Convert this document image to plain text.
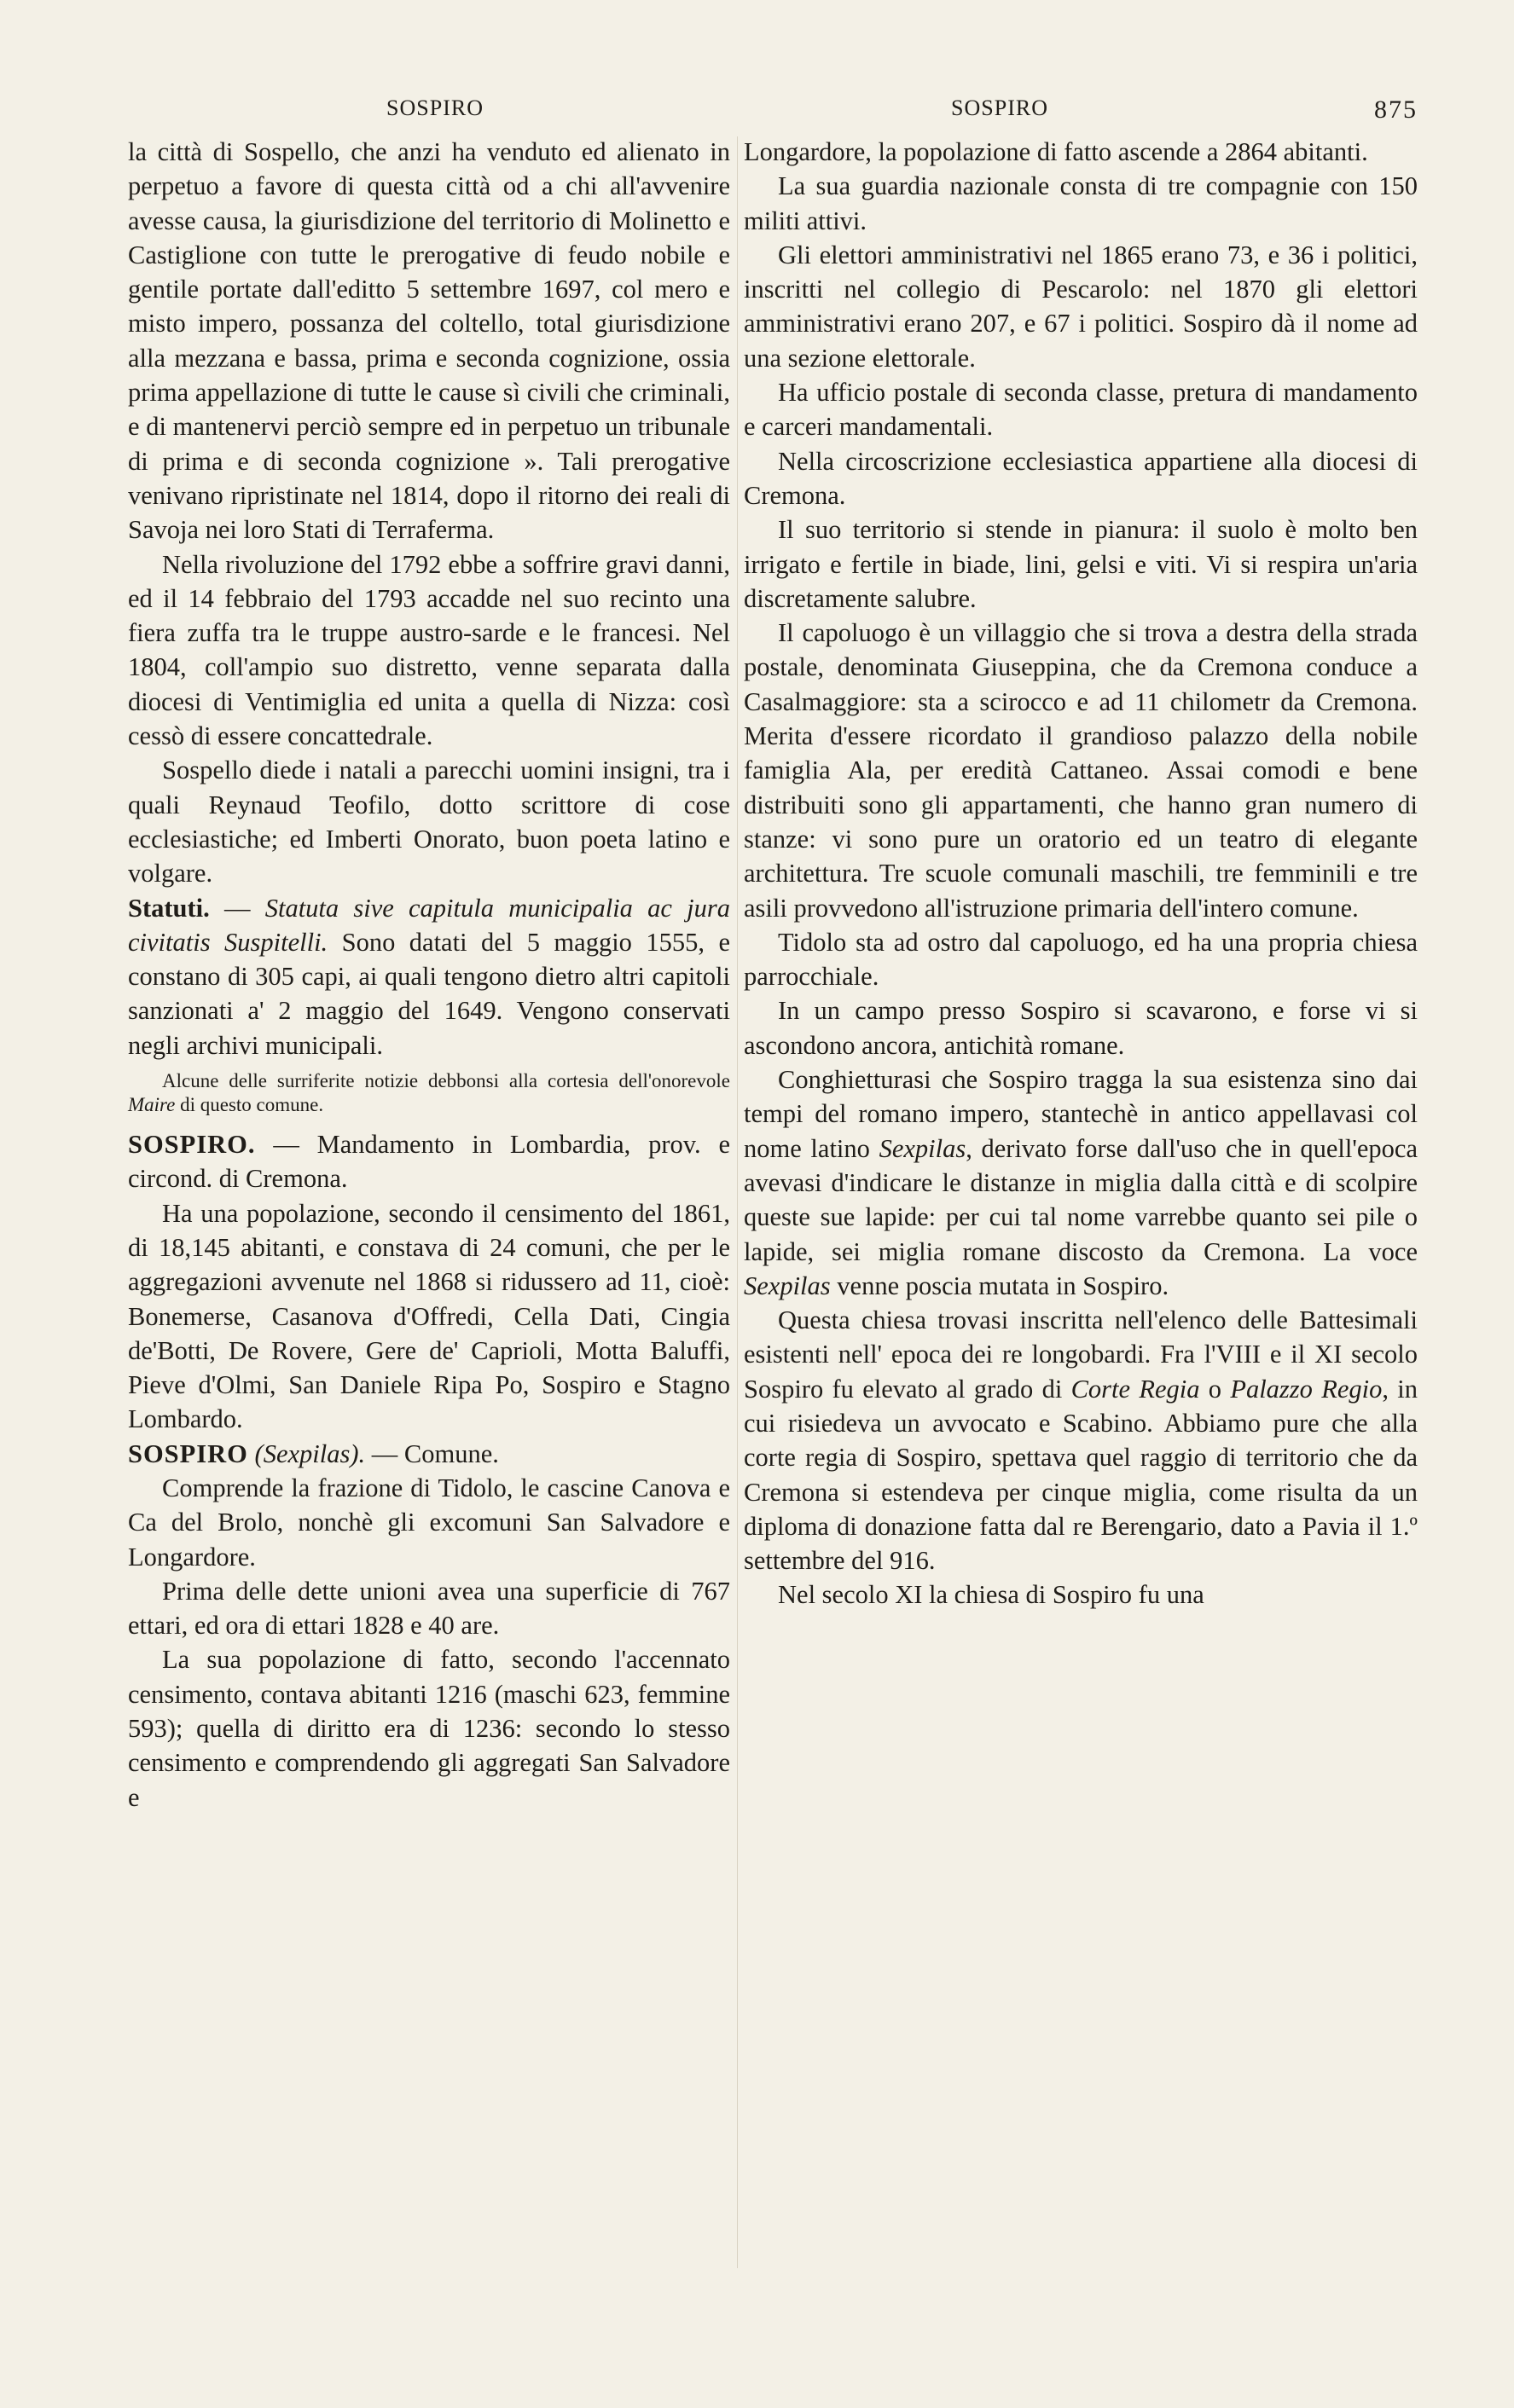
SOSPIRO	SOSPIRO	875

la città di Sospello, che anzi ha venduto ed alienato in perpetuo a favore di questa città od a chi all'avvenire avesse causa, la giurisdizione del territorio di Molinetto e Castiglione con tutte le prerogative di feudo nobile e gentile portate dall'editto 5 settembre 1697, col mero e misto impero, possanza del coltello, total giurisdizione alla mezzana e bassa, prima e seconda cognizione, ossia prima appellazione di tutte le cause sì civili che criminali, e di mantenervi perciò sempre ed in perpetuo un tribunale di prima e di seconda cognizione ». Tali prerogative venivano ripristinate nel 1814, dopo il ritorno dei reali di Savoja nei loro Stati di Terraferma.

Nella rivoluzione del 1792 ebbe a soffrire gravi danni, ed il 14 febbraio del 1793 accadde nel suo recinto una fiera zuffa tra le truppe austro-sarde e le francesi. Nel 1804, coll'ampio suo distretto, venne separata dalla diocesi di Ventimiglia ed unita a quella di Nizza: così cessò di essere concattedrale.

Sospello diede i natali a parecchi uomini insigni, tra i quali Reynaud Teofilo, dotto scrittore di cose ecclesiastiche; ed Imberti Onorato, buon poeta latino e volgare.

Statuti. — Statuta sive capitula municipalia ac jura civitatis Suspitelli. Sono datati del 5 maggio 1555, e constano di 305 capi, ai quali tengono dietro altri capitoli sanzionati a' 2 maggio del 1649. Vengono conservati negli archivi municipali.

Alcune delle surriferite notizie debbonsi alla cortesia dell'onorevole Maire di questo comune.

SOSPIRO. — Mandamento in Lombardia, prov. e circond. di Cremona.

Ha una popolazione, secondo il censimento del 1861, di 18,145 abitanti, e constava di 24 comuni, che per le aggregazioni avvenute nel 1868 si ridussero ad 11, cioè: Bonemerse, Casanova d'Offredi, Cella Dati, Cingia de'Botti, De Rovere, Gere de' Caprioli, Motta Baluffi, Pieve d'Olmi, San Daniele Ripa Po, Sospiro e Stagno Lombardo.

SOSPIRO (Sexpilas). — Comune.

Comprende la frazione di Tidolo, le cascine Canova e Ca del Brolo, nonchè gli excomuni San Salvadore e Longardore.

Prima delle dette unioni avea una superficie di 767 ettari, ed ora di ettari 1828 e 40 are.

La sua popolazione di fatto, secondo l'accennato censimento, contava abitanti 1216 (maschi 623, femmine 593); quella di diritto era di 1236: secondo lo stesso censimento e comprendendo gli aggregati San Salvadore e

Longardore, la popolazione di fatto ascende a 2864 abitanti.

La sua guardia nazionale consta di tre compagnie con 150 militi attivi.

Gli elettori amministrativi nel 1865 erano 73, e 36 i politici, inscritti nel collegio di Pescarolo: nel 1870 gli elettori amministrativi erano 207, e 67 i politici. Sospiro dà il nome ad una sezione elettorale.

Ha ufficio postale di seconda classe, pretura di mandamento e carceri mandamentali.

Nella circoscrizione ecclesiastica appartiene alla diocesi di Cremona.

Il suo territorio si stende in pianura: il suolo è molto ben irrigato e fertile in biade, lini, gelsi e viti. Vi si respira un'aria discretamente salubre.

Il capoluogo è un villaggio che si trova a destra della strada postale, denominata Giuseppina, che da Cremona conduce a Casalmaggiore: sta a scirocco e ad 11 chilometr da Cremona. Merita d'essere ricordato il grandioso palazzo della nobile famiglia Ala, per eredità Cattaneo. Assai comodi e bene distribuiti sono gli appartamenti, che hanno gran numero di stanze: vi sono pure un oratorio ed un teatro di elegante architettura. Tre scuole comunali maschili, tre femminili e tre asili provvedono all'istruzione primaria dell'intero comune.

Tidolo sta ad ostro dal capoluogo, ed ha una propria chiesa parrocchiale.

In un campo presso Sospiro si scavarono, e forse vi si ascondono ancora, antichità romane.

Conghietturasi che Sospiro tragga la sua esistenza sino dai tempi del romano impero, stantechè in antico appellavasi col nome latino Sexpilas, derivato forse dall'uso che in quell'epoca avevasi d'indicare le distanze in miglia dalla città e di scolpire queste sue lapide: per cui tal nome varrebbe quanto sei pile o lapide, sei miglia romane discosto da Cremona. La voce Sexpilas venne poscia mutata in Sospiro.

Questa chiesa trovasi inscritta nell'elenco delle Battesimali esistenti nell' epoca dei re longobardi. Fra l'VIII e il XI secolo Sospiro fu elevato al grado di Corte Regia o Palazzo Regio, in cui risiedeva un avvocato e Scabino. Abbiamo pure che alla corte regia di Sospiro, spettava quel raggio di territorio che da Cremona si estendeva per cinque miglia, come risulta da un diploma di donazione fatta dal re Berengario, dato a Pavia il 1.º settembre del 916.

Nel secolo XI la chiesa di Sospiro fu una
